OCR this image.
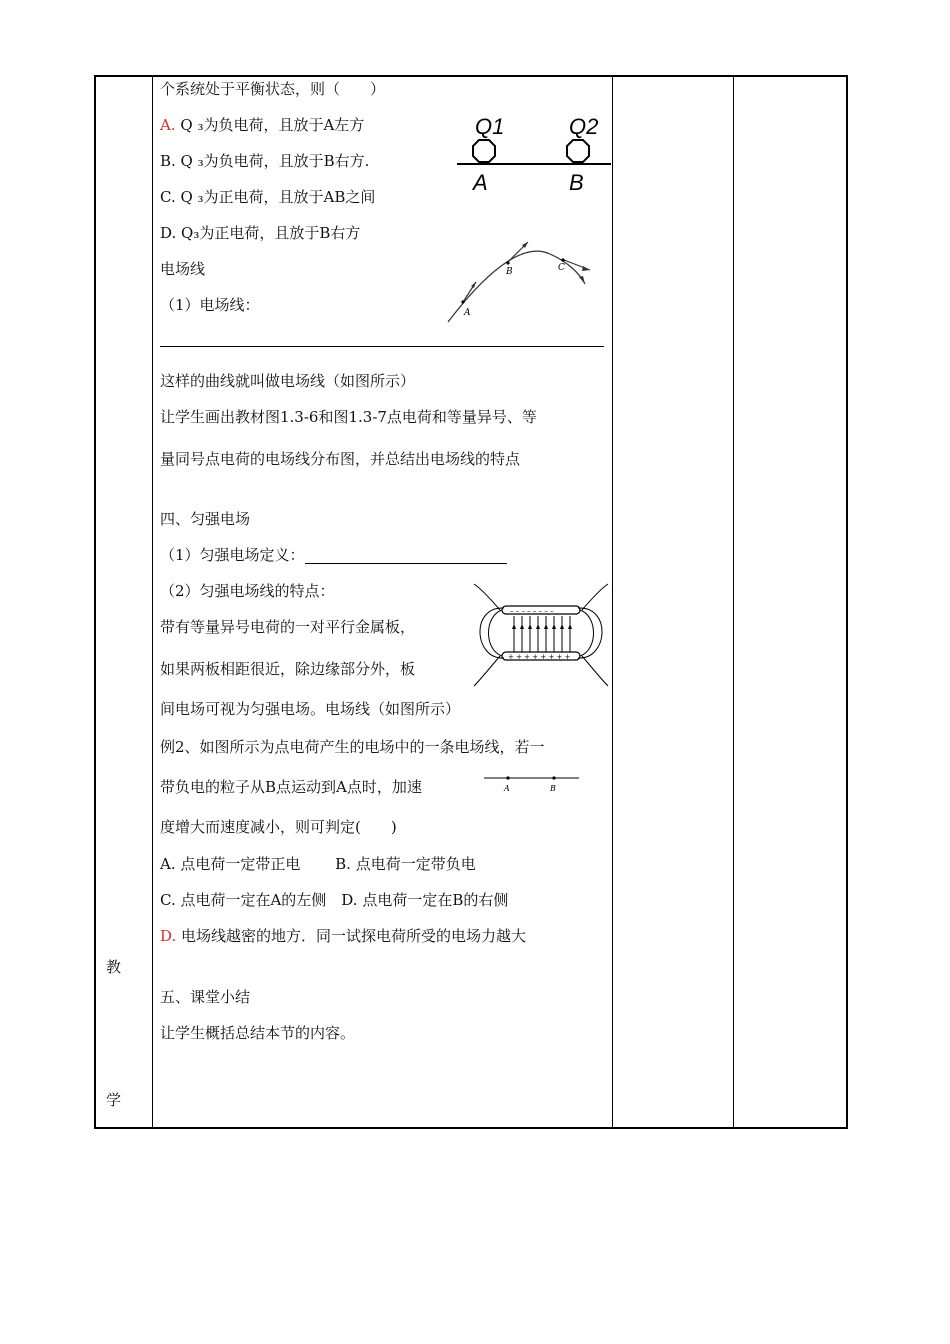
教
学
个系统处于平衡状态，则（　　）
A. Q ₃为负电荷，且放于A左方
B. Q ₃为负电荷，且放于B右方.
C. Q ₃为正电荷，且放于AB之间
D. Q₃为正电荷，且放于B右方
电场线
（1）电场线：
这样的曲线就叫做电场线（如图所示）
让学生画出教材图1.3-6和图1.3-7点电荷和等量异号、等
量同号点电荷的电场线分布图，并总结出电场线的特点
四、匀强电场
（1）匀强电场定义：
（2）匀强电场线的特点：
带有等量异号电荷的一对平行金属板，
如果两板相距很近，除边缘部分外，板
间电场可视为匀强电场。电场线（如图所示）
例2、如图所示为点电荷产生的电场中的一条电场线，若一
带负电的粒子从B点运动到A点时，加速
度增大而速度减小，则可判定(　　)
A. 点电荷一定带正电　　 B. 点电荷一定带负电
C. 点电荷一定在A的左侧　D. 点电荷一定在B的右侧
D. 电场线越密的地方．同一试探电荷所受的电场力越大
五、课堂小结
让学生概括总结本节的内容。
Q1	Q2
A	B
A
B	C
– – – – – – – –
+ + + + + + + +
A	B
